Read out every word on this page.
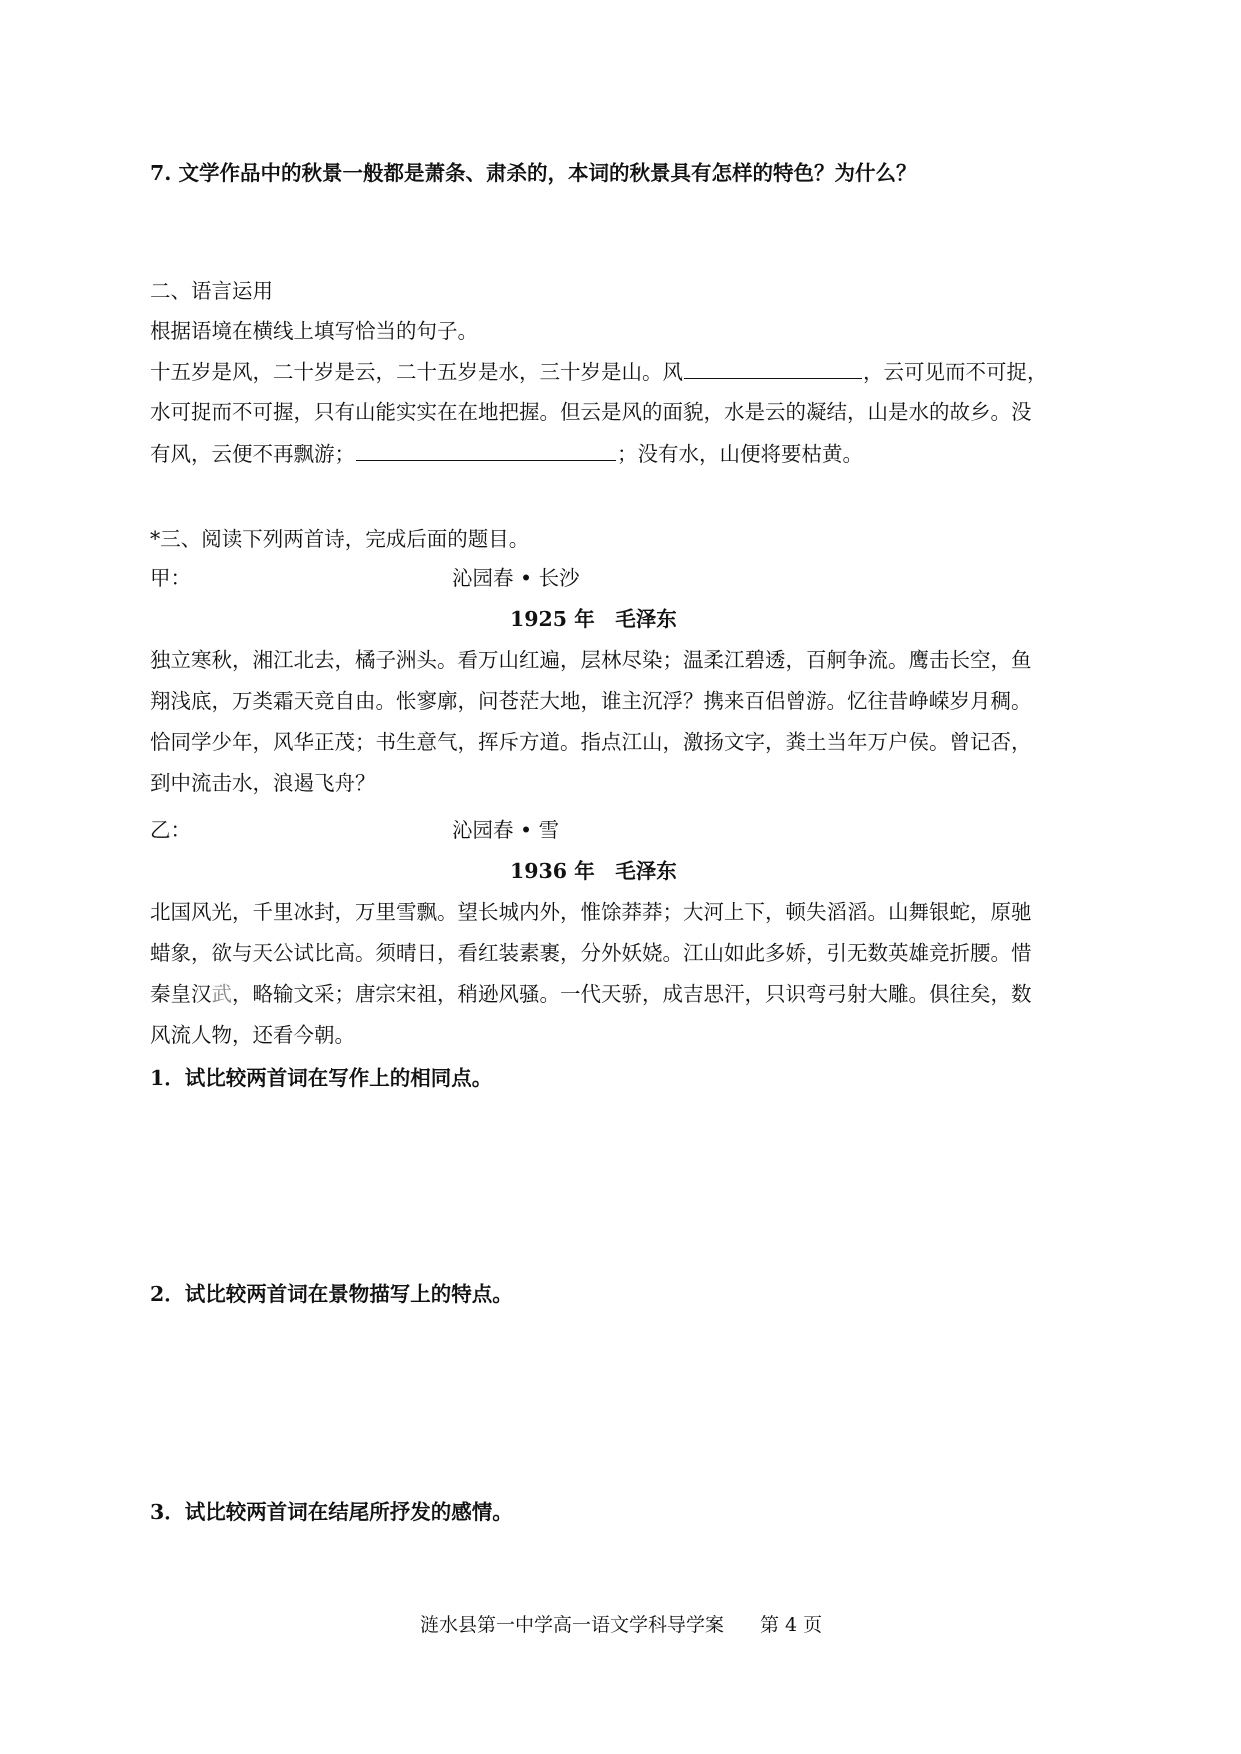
7. 文学作品中的秋景一般都是萧条、肃杀的，本词的秋景具有怎样的特色？为什么？
二、语言运用
根据语境在横线上填写恰当的句子。
十五岁是风，二十岁是云，二十五岁是水，三十岁是山。风	，云可见而不可捉，
水可捉而不可握，只有山能实实在在地把握。但云是风的面貌，水是云的凝结，山是水的故乡。没
有风，云便不再飘游；	；没有水，山便将要枯黄。
*三、阅读下列两首诗，完成后面的题目。
甲：	沁园春 • 长沙
1925 年　毛泽东
独立寒秋，湘江北去，橘子洲头。看万山红遍，层林尽染；温柔江碧透，百舸争流。鹰击长空，鱼
翔浅底，万类霜天竞自由。怅寥廓，问苍茫大地，谁主沉浮？携来百侣曾游。忆往昔峥嵘岁月稠。
恰同学少年，风华正茂；书生意气，挥斥方道。指点江山，激扬文字，粪土当年万户侯。曾记否，
到中流击水，浪遏飞舟？
乙：	沁园春 • 雪
1936 年　毛泽东
北国风光，千里冰封，万里雪飘。望长城内外，惟馀莽莽；大河上下，顿失滔滔。山舞银蛇，原驰
蜡象，欲与天公试比高。须晴日，看红装素裹，分外妖娆。江山如此多娇，引无数英雄竞折腰。惜
秦皇汉武，略输文采；唐宗宋祖，稍逊风骚。一代天骄，成吉思汗，只识弯弓射大雕。俱往矣，数
风流人物，还看今朝。
1．试比较两首词在写作上的相同点。
2．试比较两首词在景物描写上的特点。
3．试比较两首词在结尾所抒发的感情。
涟水县第一中学高一语文学科导学案 第 4 页
